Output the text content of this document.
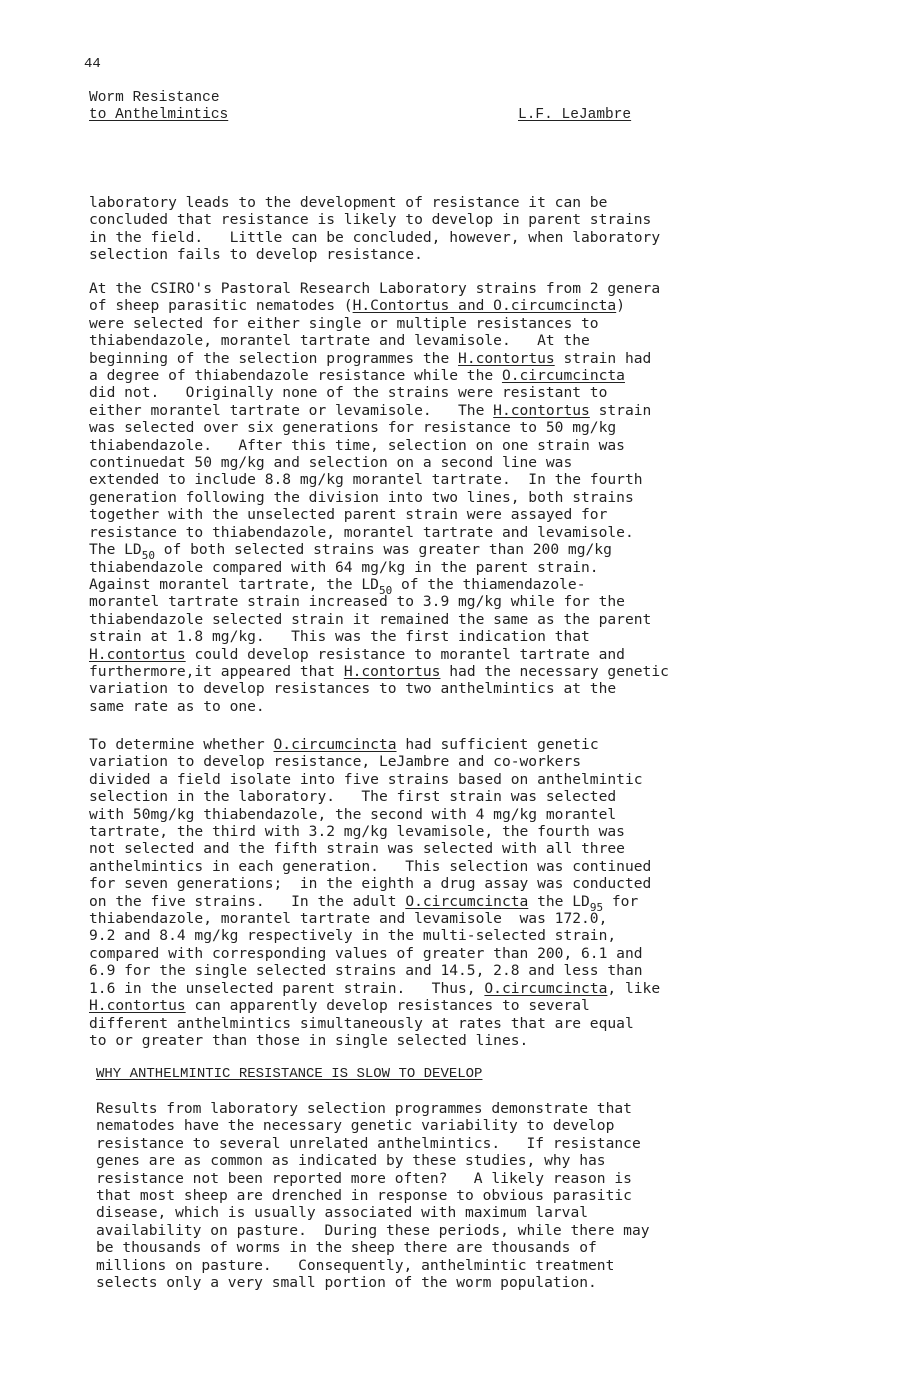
44
Worm Resistance
to Anthelmintics	L.F. LeJambre
laboratory leads to the development of resistance it can be
concluded that resistance is likely to develop in parent strains
in the field.   Little can be concluded, however, when laboratory
selection fails to develop resistance.
At the CSIRO's Pastoral Research Laboratory strains from 2 genera
of sheep parasitic nematodes (H.Contortus and O.circumcincta)
were selected for either single or multiple resistances to
thiabendazole, morantel tartrate and levamisole.   At the
beginning of the selection programmes the H.contortus strain had
a degree of thiabendazole resistance while the O.circumcincta
did not.   Originally none of the strains were resistant to
either morantel tartrate or levamisole.   The H.contortus strain
was selected over six generations for resistance to 50 mg/kg
thiabendazole.   After this time, selection on one strain was
continuedat 50 mg/kg and selection on a second line was
extended to include 8.8 mg/kg morantel tartrate.  In the fourth
generation following the division into two lines, both strains
together with the unselected parent strain were assayed for
resistance to thiabendazole, morantel tartrate and levamisole.
The $LD_{50}$ of both selected strains was greater than 200 mg/kg
thiabendazole compared with 64 mg/kg in the parent strain.
Against morantel tartrate, the $LD_{50}$ of the thiamendazole-
morantel tartrate strain increased to 3.9 mg/kg while for the
thiabendazole selected strain it remained the same as the parent
strain at 1.8 mg/kg.   This was the first indication that
H.contortus could develop resistance to morantel tartrate and
furthermore,it appeared that H.contortus had the necessary genetic
variation to develop resistances to two anthelmintics at the
same rate as to one.
To determine whether O.circumcincta had sufficient genetic
variation to develop resistance, LeJambre and co-workers
divided a field isolate into five strains based on anthelmintic
selection in the laboratory.   The first strain was selected
with 50mg/kg thiabendazole, the second with 4 mg/kg morantel
tartrate, the third with 3.2 mg/kg levamisole, the fourth was
not selected and the fifth strain was selected with all three
anthelmintics in each generation.   This selection was continued
for seven generations;  in the eighth a drug assay was conducted
on the five strains.   In the adult O.circumcincta the $LD_{95}$ for
thiabendazole, morantel tartrate and levamisole  was 172.0,
9.2 and 8.4 mg/kg respectively in the multi-selected strain,
compared with corresponding values of greater than 200, 6.1 and
6.9 for the single selected strains and 14.5, 2.8 and less than
1.6 in the unselected parent strain.   Thus, O.circumcincta, like
H.contortus can apparently develop resistances to several
different anthelmintics simultaneously at rates that are equal
to or greater than those in single selected lines.
WHY ANTHELMINTIC RESISTANCE IS SLOW TO DEVELOP
Results from laboratory selection programmes demonstrate that
nematodes have the necessary genetic variability to develop
resistance to several unrelated anthelmintics.   If resistance
genes are as common as indicated by these studies, why has
resistance not been reported more often?   A likely reason is
that most sheep are drenched in response to obvious parasitic
disease, which is usually associated with maximum larval
availability on pasture.  During these periods, while there may
be thousands of worms in the sheep there are thousands of
millions on pasture.   Consequently, anthelmintic treatment
selects only a very small portion of the worm population.
